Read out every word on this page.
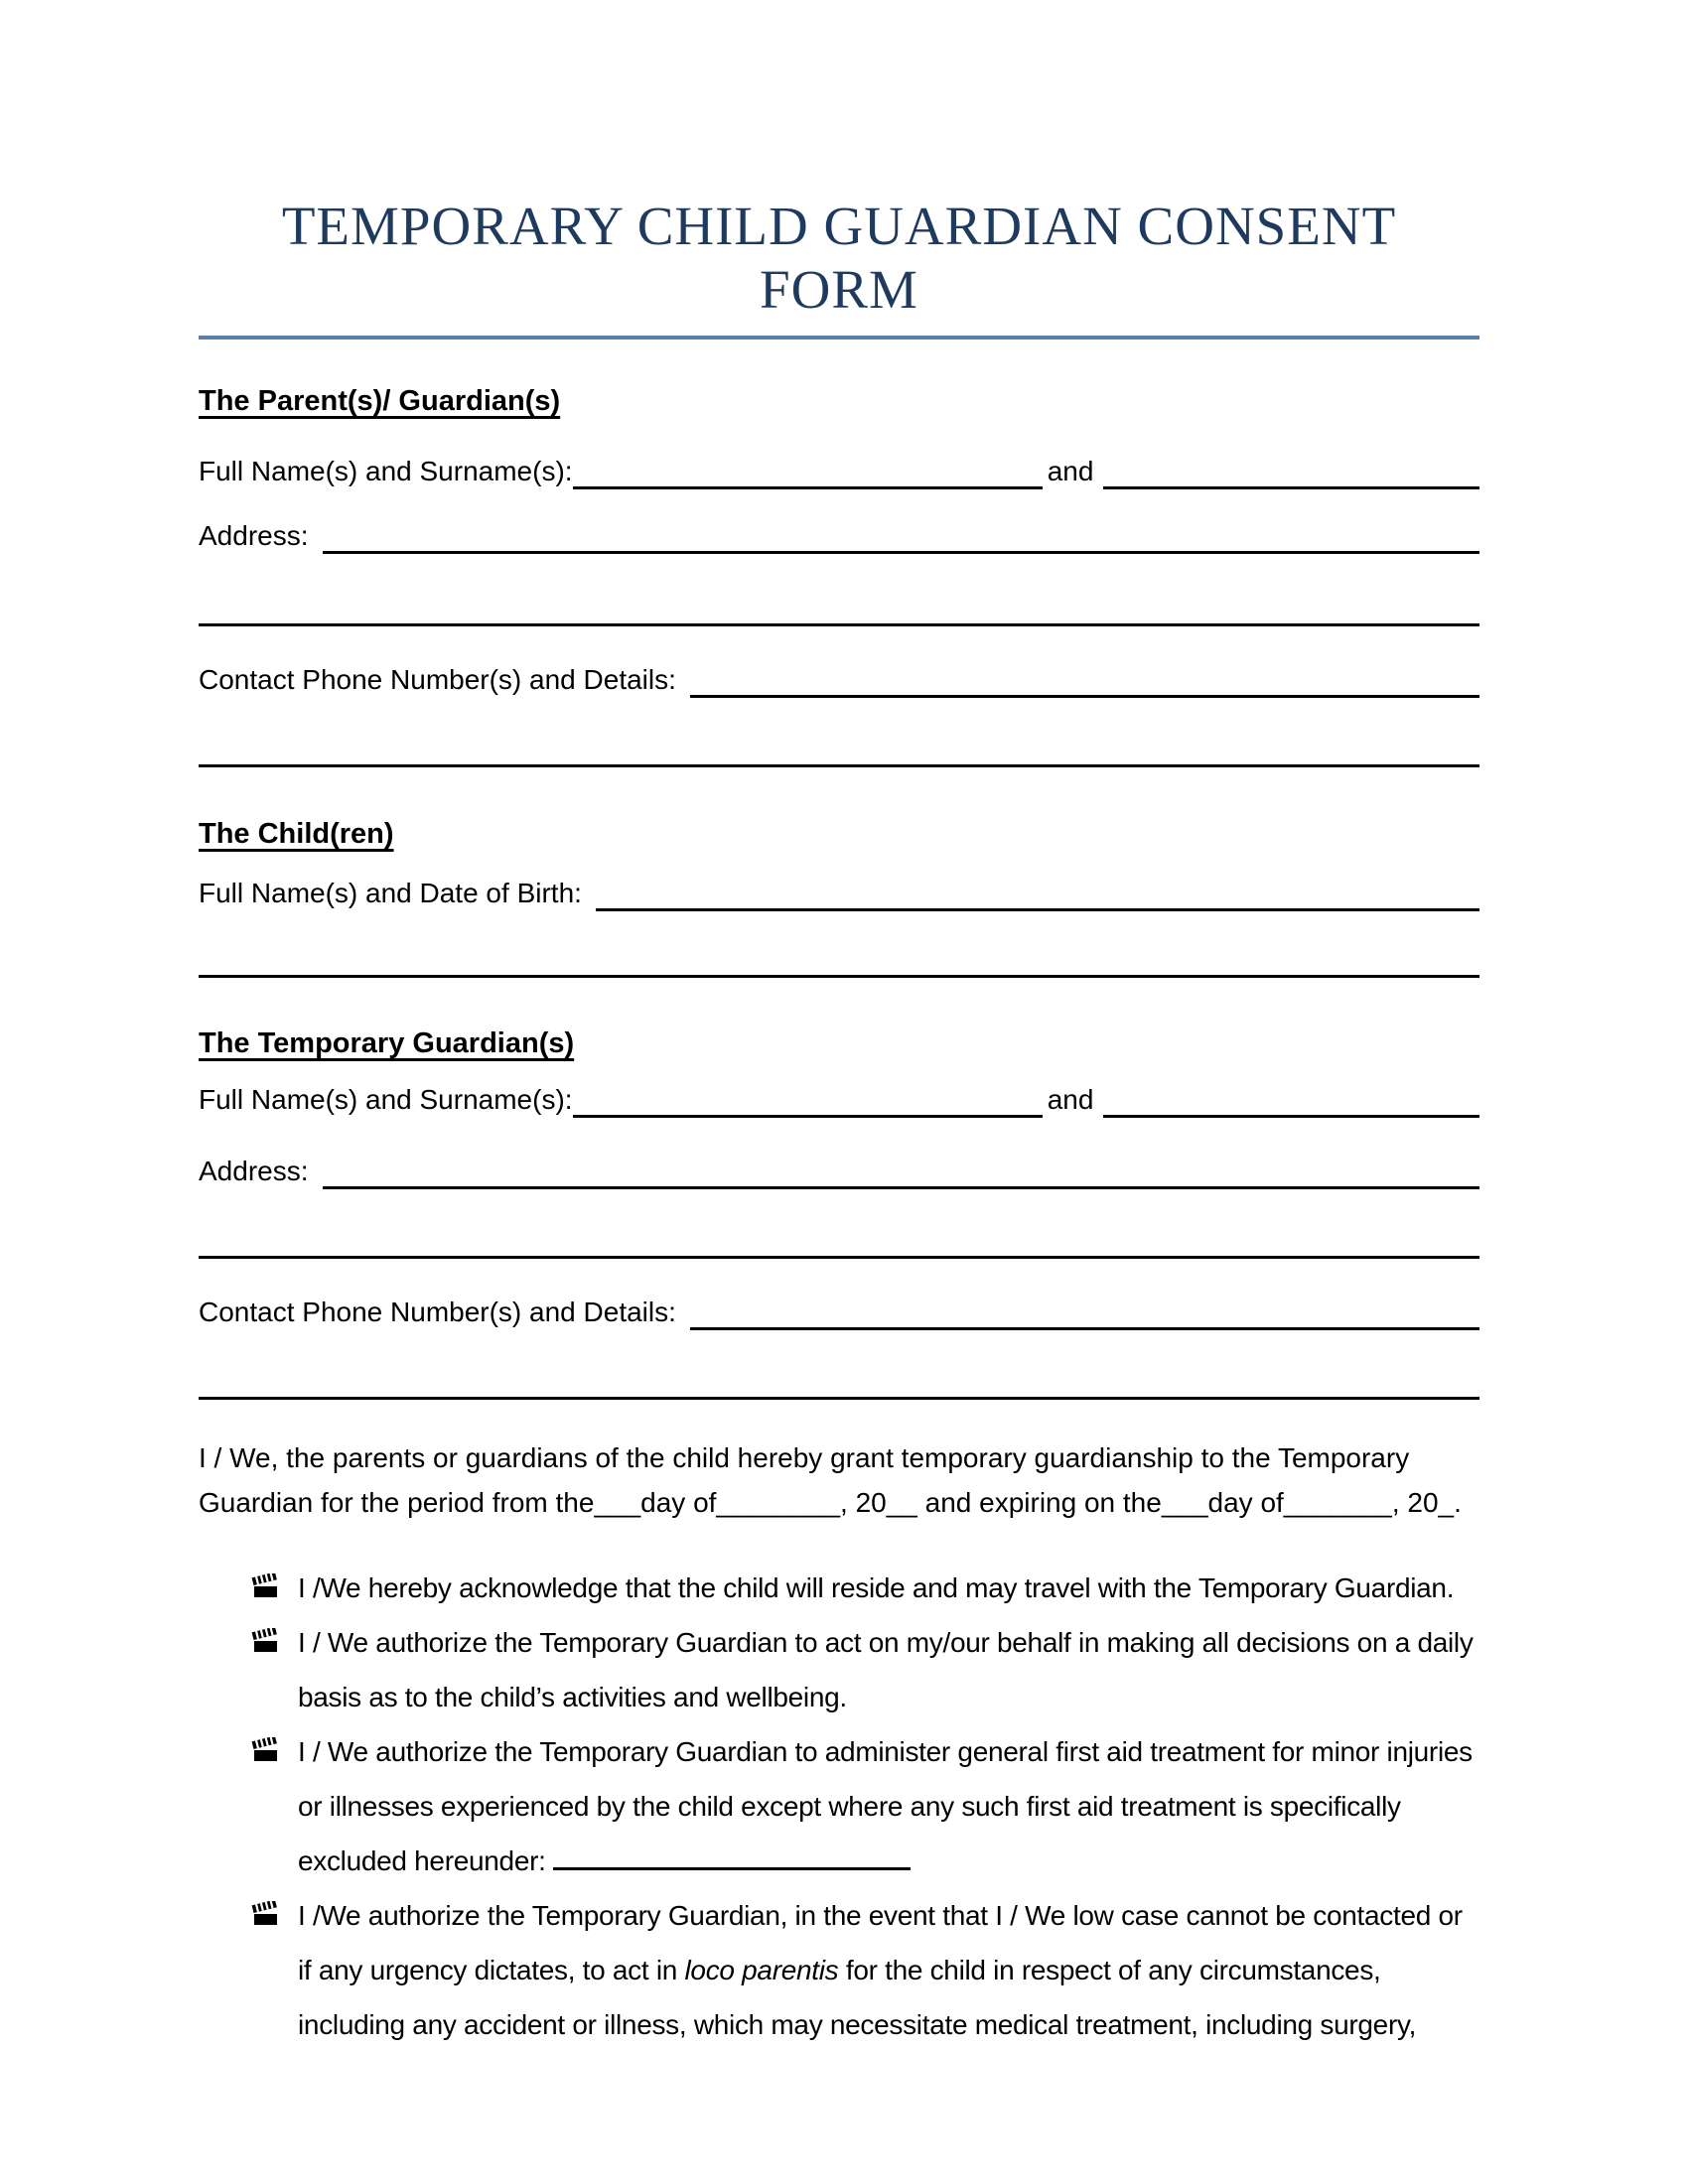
TEMPORARY CHILD GUARDIAN CONSENT FORM
The Parent(s)/ Guardian(s)
Full Name(s) and Surname(s):	and
Address:
Contact Phone Number(s) and Details:
The Child(ren)
Full Name(s) and Date of Birth:
The Temporary Guardian(s)
Full Name(s) and Surname(s):	and
Address:
Contact Phone Number(s) and Details:

I / We, the parents or guardians of the child hereby grant temporary guardianship to the Temporary Guardian for the period from the___day of________, 20__ and expiring on the___day of_______, 20_.

I /We hereby acknowledge that the child will reside and may travel with the Temporary Guardian.
I / We authorize the Temporary Guardian to act on my/our behalf in making all decisions on a daily basis as to the child’s activities and wellbeing.
I / We authorize the Temporary Guardian to administer general first aid treatment for minor injuries or illnesses experienced by the child except where any such first aid treatment is specifically excluded hereunder:
I /We authorize the Temporary Guardian, in the event that I / We low case cannot be contacted or if any urgency dictates, to act in loco parentis for the child in respect of any circumstances, including any accident or illness, which may necessitate medical treatment, including surgery,
